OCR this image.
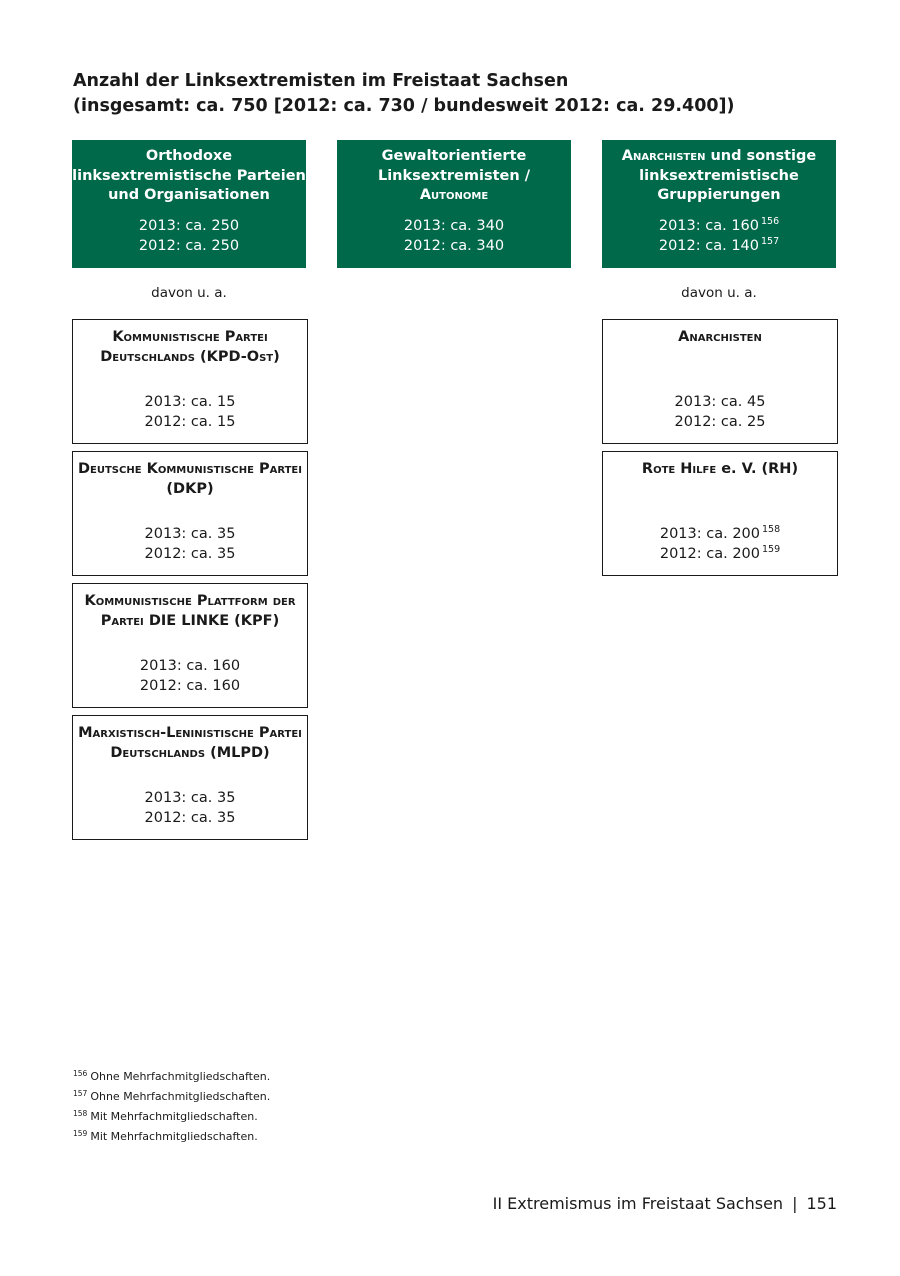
Anzahl der Linksextremisten im Freistaat Sachsen
(insgesamt: ca. 750 [2012: ca. 730 / bundesweit 2012: ca. 29.400])
Orthodoxe
linksextremistische Parteien
und Organisationen
2013: ca. 250
2012: ca. 250
Gewaltorientierte
Linksextremisten /
Autonome
2013: ca. 340
2012: ca. 340
Anarchisten und sonstige
linksextremistische
Gruppierungen
2013: ca. 160 $^{156}$
2012: ca. 140 $^{157}$
davon u. a.	davon u. a.
Kommunistische Partei
Deutschlands (KPD-Ost)
2013: ca. 15
2012: ca. 15
Deutsche Kommunistische Partei
(DKP)
2013: ca. 35
2012: ca. 35
Kommunistische Plattform der
Partei DIE LINKE (KPF)
2013: ca. 160
2012: ca. 160
Marxistisch-Leninistische Partei
Deutschlands (MLPD)
2013: ca. 35
2012: ca. 35
Anarchisten
2013: ca. 45
2012: ca. 25
Rote Hilfe e. V. (RH)
2013: ca. 200 $^{158}$
2012: ca. 200 $^{159}$
$^{156}$ Ohne Mehrfachmitgliedschaften.
$^{157}$ Ohne Mehrfachmitgliedschaften.
$^{158}$ Mit Mehrfachmitgliedschaften.
$^{159}$ Mit Mehrfachmitgliedschaften.
II Extremismus im Freistaat Sachsen | 151
